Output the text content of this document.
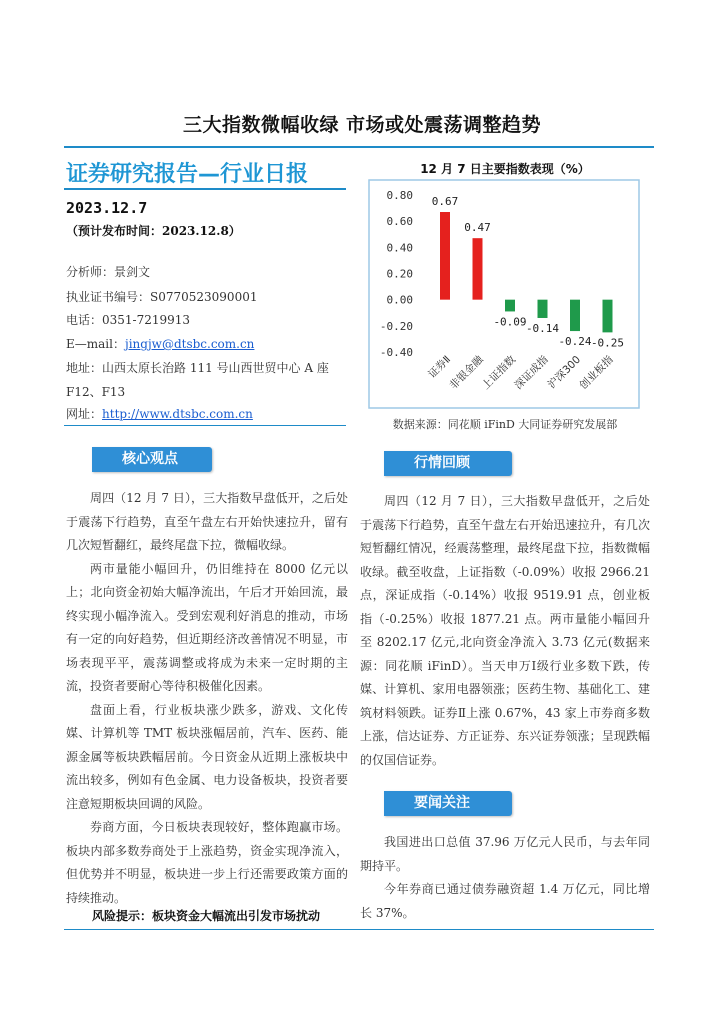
三大指数微幅收绿 市场或处震荡调整趋势
证券研究报告—行业日报
2023.12.7
（预计发布时间：2023.12.8）
分析师：景剑文
执业证书编号：S0770523090001
电话：0351-7219913
E—mail：jingjw@dtsbc.com.cn
地址：山西太原长治路 111 号山西世贸中心 A 座
F12、F13
网址：http://www.dtsbc.com.cn
12 月 7 日主要指数表现（%）
0.80
0.60
0.40
0.20
0.00
-0.20
-0.40
0.67
证券Ⅱ
0.47
非银金融
-0.09
上证指数
-0.14
深证成指
-0.24
沪深300
-0.25
创业板指
数据来源：同花顺 iFinD 大同证券研究发展部
核心观点

周四（12 月 7 日），三大指数早盘低开，之后处于震荡下行趋势，直至午盘左右开始快速拉升，留有几次短暂翻红，最终尾盘下拉，微幅收绿。

两市量能小幅回升，仍旧维持在 8000 亿元以上；北向资金初始大幅净流出，午后才开始回流，最终实现小幅净流入。受到宏观利好消息的推动，市场有一定的向好趋势，但近期经济改善情况不明显，市场表现平平，震荡调整或将成为未来一定时期的主流，投资者要耐心等待积极催化因素。

盘面上看，行业板块涨少跌多，游戏、文化传媒、计算机等 TMT 板块涨幅居前，汽车、医药、能源金属等板块跌幅居前。今日资金从近期上涨板块中流出较多，例如有色金属、电力设备板块，投资者要注意短期板块回调的风险。

券商方面，今日板块表现较好，整体跑赢市场。板块内部多数券商处于上涨趋势，资金实现净流入，但优势并不明显，板块进一步上行还需要政策方面的持续推动。

风险提示：板块资金大幅流出引发市场扰动
行情回顾

周四（12 月 7 日），三大指数早盘低开，之后处于震荡下行趋势，直至午盘左右开始迅速拉升，有几次短暂翻红情况，经震荡整理，最终尾盘下拉，指数微幅收绿。截至收盘，上证指数（-0.09%）收报 2966.21 点，深证成指（-0.14%）收报 9519.91 点，创业板指（-0.25%）收报 1877.21 点。两市量能小幅回升至 8202.17 亿元,北向资金净流入 3.73 亿元(数据来源：同花顺 iFinD）。当天申万Ⅰ级行业多数下跌，传媒、计算机、家用电器领涨；医药生物、基础化工、建筑材料领跌。证券Ⅱ上涨 0.67%，43 家上市券商多数上涨，信达证券、方正证券、东兴证券领涨；呈现跌幅的仅国信证券。

要闻关注

我国进出口总值 37.96 万亿元人民币，与去年同期持平。

今年券商已通过债券融资超 1.4 万亿元，同比增长 37%。
